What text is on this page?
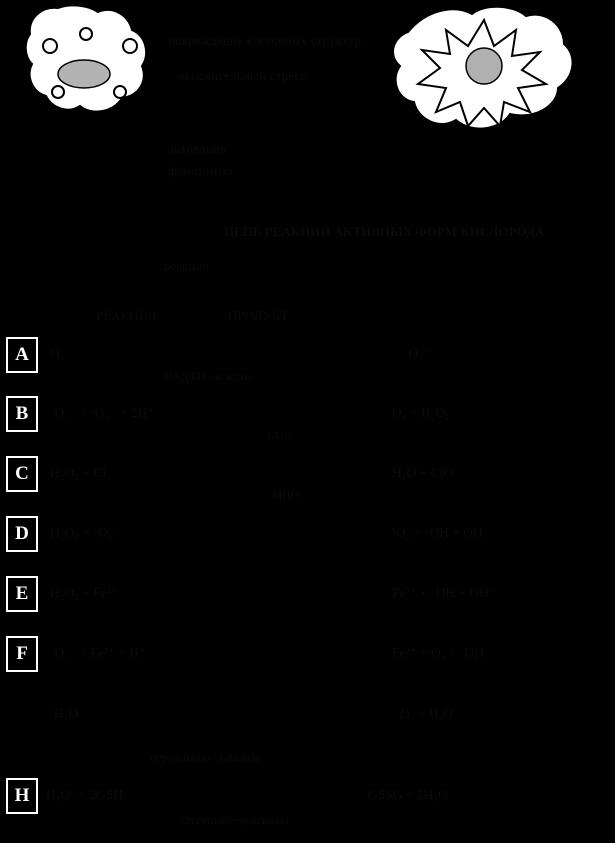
повреждение клеточных структур
окислительный стресс
активация
фагоцитоза
ЦЕПЬ РЕАКЦИЙ АКТИВНЫХ ФОРМ КИСЛОРОДА
реакции
РЕАКЦИЯ	ПРОДУКТ
A	O₂	·O₂⁻
НАДФН-оксидаза
B	·O₂⁻ + ·O₂⁻ + 2H⁺	O₂ + H₂O₂
СОД
C	H₂O₂ + Cl⁻	H₂O + ClO⁻
МПО
D	H₂O₂ + ·O₂⁻	¹O₂ + ·OH + OH⁻
E	H₂O₂ + Fe²⁺	Fe³⁺ + ·OH + OH⁻
F	·O₂⁻ + Fe³⁺ + H⁺	Fe²⁺ + O₂ + ·OH
H₂O₂	O₂ + H₂O
пероксидаза / каталаза
H	H₂O₂ + 2GSH	GSSG + 2H₂O
глутатионпероксидаза
